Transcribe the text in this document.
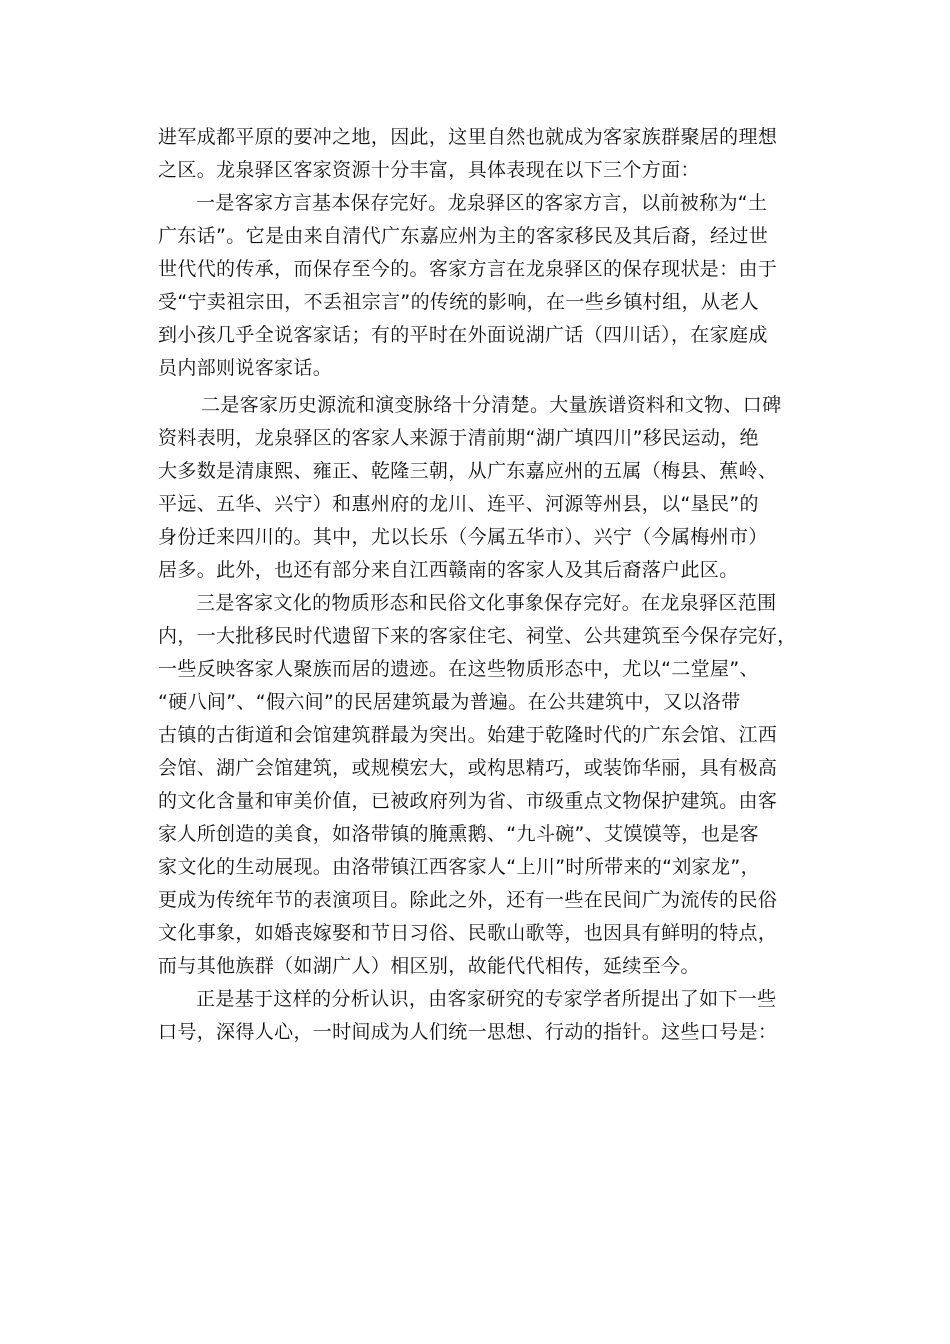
进军成都平原的要冲之地，因此，这里自然也就成为客家族群聚居的理想
之区。龙泉驿区客家资源十分丰富，具体表现在以下三个方面：
一是客家方言基本保存完好。龙泉驿区的客家方言，以前被称为“土
广东话”。它是由来自清代广东嘉应州为主的客家移民及其后裔，经过世
世代代的传承，而保存至今的。客家方言在龙泉驿区的保存现状是：由于
受“宁卖祖宗田，不丢祖宗言”的传统的影响，在一些乡镇村组，从老人
到小孩几乎全说客家话；有的平时在外面说湖广话（四川话），在家庭成
员内部则说客家话。
二是客家历史源流和演变脉络十分清楚。大量族谱资料和文物、口碑
资料表明，龙泉驿区的客家人来源于清前期“湖广填四川”移民运动，绝
大多数是清康熙、雍正、乾隆三朝，从广东嘉应州的五属（梅县、蕉岭、
平远、五华、兴宁）和惠州府的龙川、连平、河源等州县，以“垦民”的
身份迁来四川的。其中，尤以长乐（今属五华市）、兴宁（今属梅州市）
居多。此外，也还有部分来自江西赣南的客家人及其后裔落户此区。
三是客家文化的物质形态和民俗文化事象保存完好。在龙泉驿区范围
内，一大批移民时代遗留下来的客家住宅、祠堂、公共建筑至今保存完好，
一些反映客家人聚族而居的遗迹。在这些物质形态中，尤以“二堂屋”、
“硬八间”、“假六间”的民居建筑最为普遍。在公共建筑中，又以洛带
古镇的古街道和会馆建筑群最为突出。始建于乾隆时代的广东会馆、江西
会馆、湖广会馆建筑，或规模宏大，或构思精巧，或装饰华丽，具有极高
的文化含量和审美价值，已被政府列为省、市级重点文物保护建筑。由客
家人所创造的美食，如洛带镇的腌熏鹅、“九斗碗”、艾馍馍等，也是客
家文化的生动展现。由洛带镇江西客家人“上川”时所带来的“刘家龙”，
更成为传统年节的表演项目。除此之外，还有一些在民间广为流传的民俗
文化事象，如婚丧嫁娶和节日习俗、民歌山歌等，也因具有鲜明的特点，
而与其他族群（如湖广人）相区别，故能代代相传，延续至今。
正是基于这样的分析认识，由客家研究的专家学者所提出了如下一些
口号，深得人心，一时间成为人们统一思想、行动的指针。这些口号是：
